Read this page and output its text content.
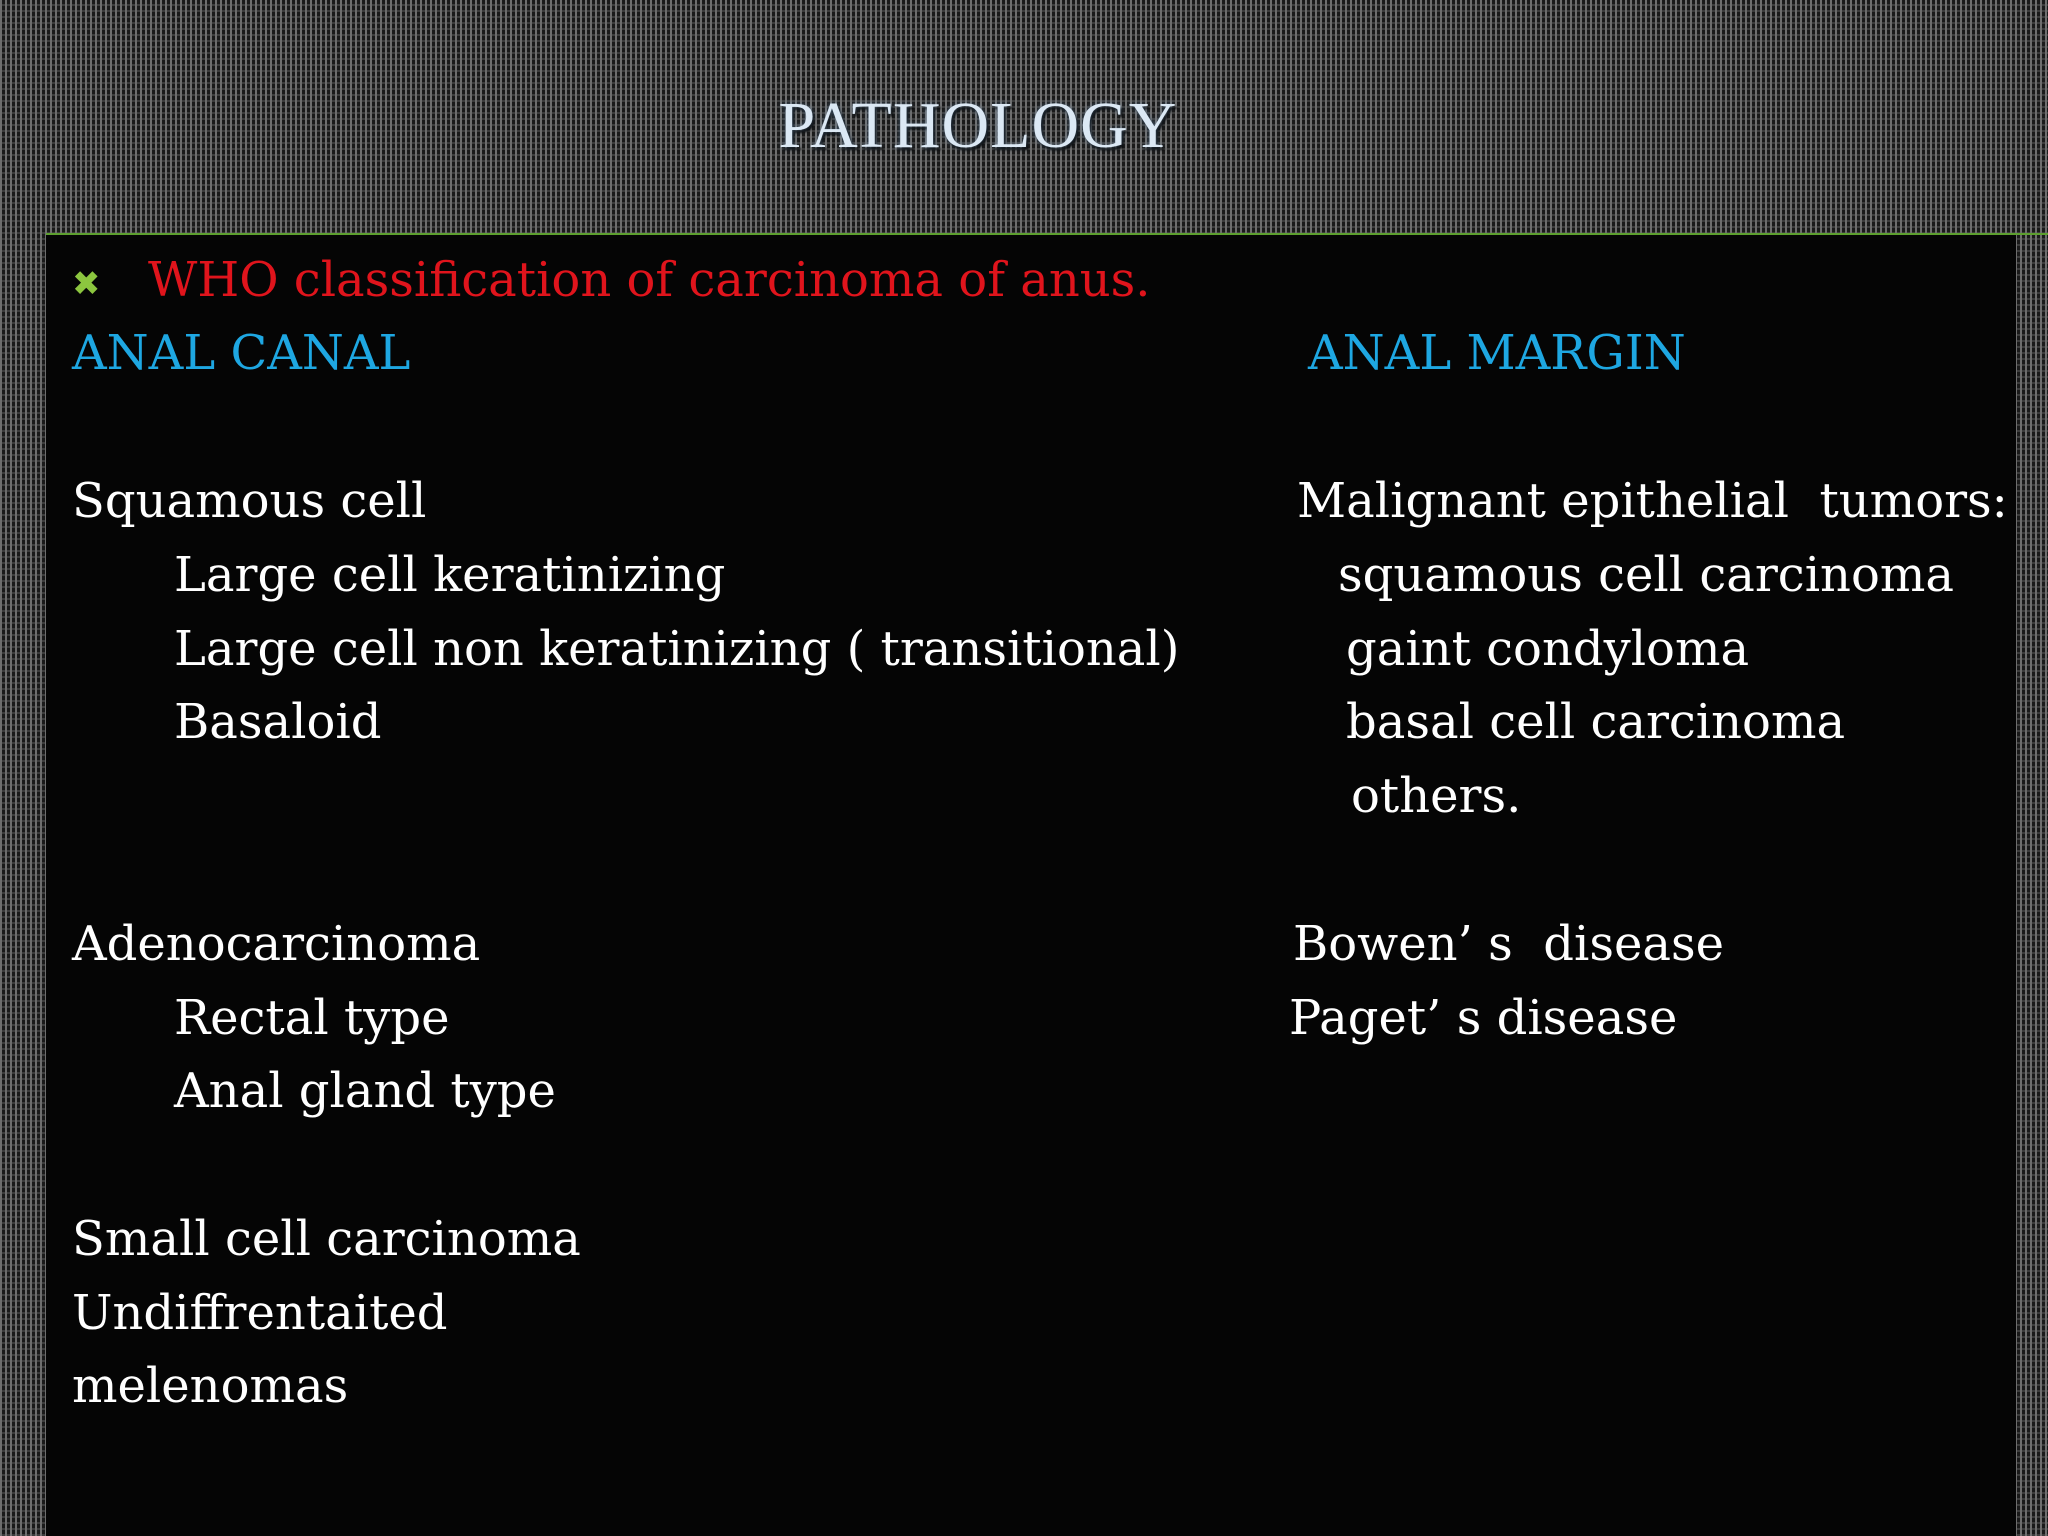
PATHOLOGY
✖ WHO classification of carcinoma of anus.
ANAL CANAL	ANAL MARGIN
Squamous cell
Large cell keratinizing
Large cell non keratinizing ( transitional)
Basaloid
Adenocarcinoma
Rectal type
Anal gland type
Small cell carcinoma
Undiffrentaited
melenomas
Malignant epithelial  tumors:
squamous cell carcinoma
gaint condyloma
basal cell carcinoma
others.
Bowen’ s  disease
Paget’ s disease
